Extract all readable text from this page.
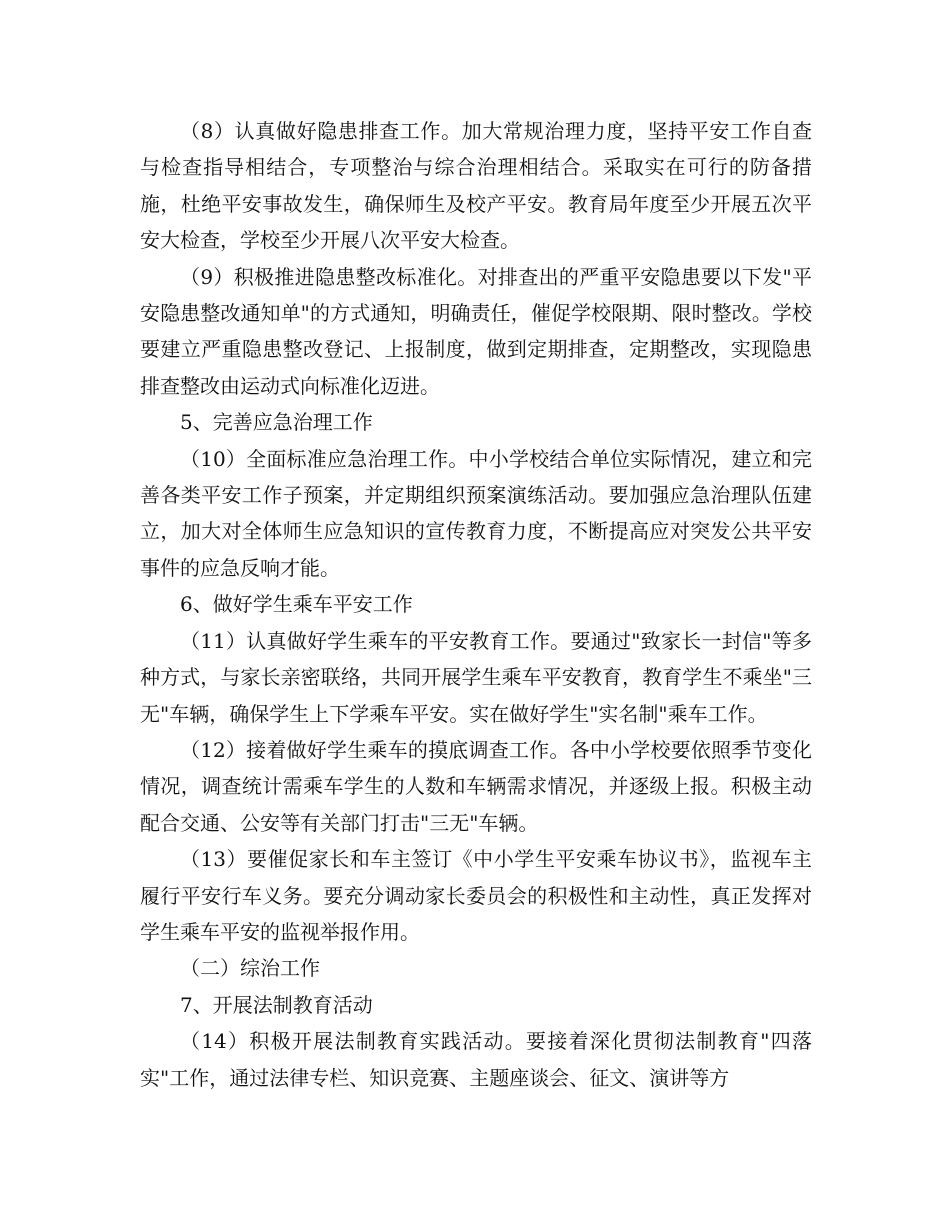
（8）认真做好隐患排查工作。加大常规治理力度，坚持平安工作自查与检查指导相结合，专项整治与综合治理相结合。采取实在可行的防备措施，杜绝平安事故发生，确保师生及校产平安。教育局年度至少开展五次平安大检查，学校至少开展八次平安大检查。

（9）积极推进隐患整改标准化。对排查出的严重平安隐患要以下发"平安隐患整改通知单"的方式通知，明确责任，催促学校限期、限时整改。学校要建立严重隐患整改登记、上报制度，做到定期排查，定期整改，实现隐患排查整改由运动式向标准化迈进。

5、完善应急治理工作

（10）全面标准应急治理工作。中小学校结合单位实际情况，建立和完善各类平安工作子预案，并定期组织预案演练活动。要加强应急治理队伍建立，加大对全体师生应急知识的宣传教育力度，不断提高应对突发公共平安事件的应急反响才能。

6、做好学生乘车平安工作

（11）认真做好学生乘车的平安教育工作。要通过"致家长一封信"等多种方式，与家长亲密联络，共同开展学生乘车平安教育，教育学生不乘坐"三无"车辆，确保学生上下学乘车平安。实在做好学生"实名制"乘车工作。

（12）接着做好学生乘车的摸底调查工作。各中小学校要依照季节变化情况，调查统计需乘车学生的人数和车辆需求情况，并逐级上报。积极主动配合交通、公安等有关部门打击"三无"车辆。

（13）要催促家长和车主签订《中小学生平安乘车协议书》，监视车主履行平安行车义务。要充分调动家长委员会的积极性和主动性，真正发挥对学生乘车平安的监视举报作用。

（二）综治工作

7、开展法制教育活动

（14）积极开展法制教育实践活动。要接着深化贯彻法制教育"四落实"工作，通过法律专栏、知识竞赛、主题座谈会、征文、演讲等方
